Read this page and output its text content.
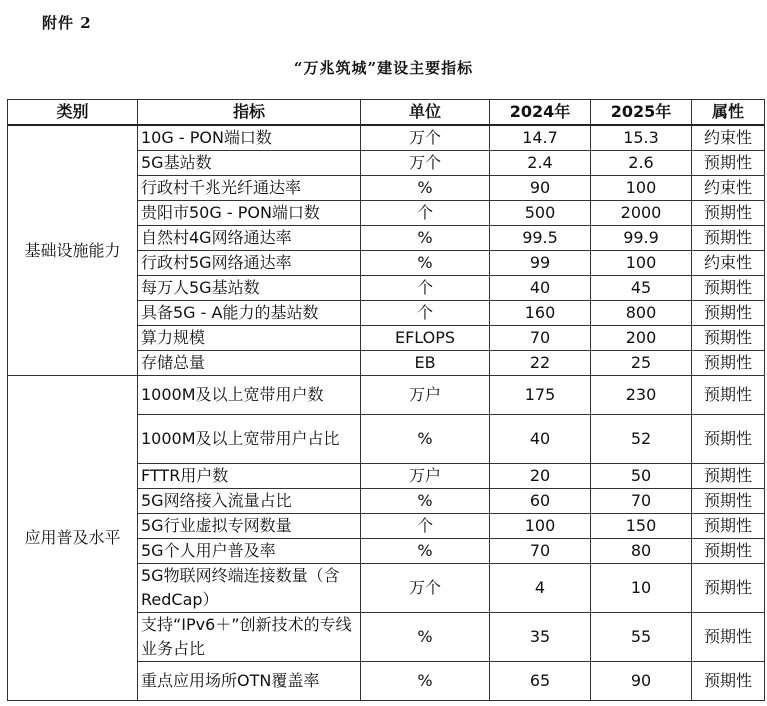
附件 2
“万兆筑城”建设主要指标
类别	指标	单位	2024年	2025年	属性
基础设施能力	10G - PON端口数	万个	14.7	15.3	约束性
	5G基站数	万个	2.4	2.6	预期性
	行政村千兆光纤通达率	%	90	100	约束性
	贵阳市50G - PON端口数	个	500	2000	预期性
	自然村4G网络通达率	%	99.5	99.9	预期性
	行政村5G网络通达率	%	99	100	约束性
	每万人5G基站数	个	40	45	预期性
	具备5G - A能力的基站数	个	160	800	预期性
	算力规模	EFLOPS	70	200	预期性
	存储总量	EB	22	25	预期性
应用普及水平	1000M及以上宽带用户数	万户	175	230	预期性
	1000M及以上宽带用户占比	%	40	52	预期性
	FTTR用户数	万户	20	50	预期性
	5G网络接入流量占比	%	60	70	预期性
	5G行业虚拟专网数量	个	100	150	预期性
	5G个人用户普及率	%	70	80	预期性
	5G物联网终端连接数量（含RedCap）	万个	4	10	预期性
	支持“IPv6＋”创新技术的专线业务占比	%	35	55	预期性
	重点应用场所OTN覆盖率	%	65	90	预期性
